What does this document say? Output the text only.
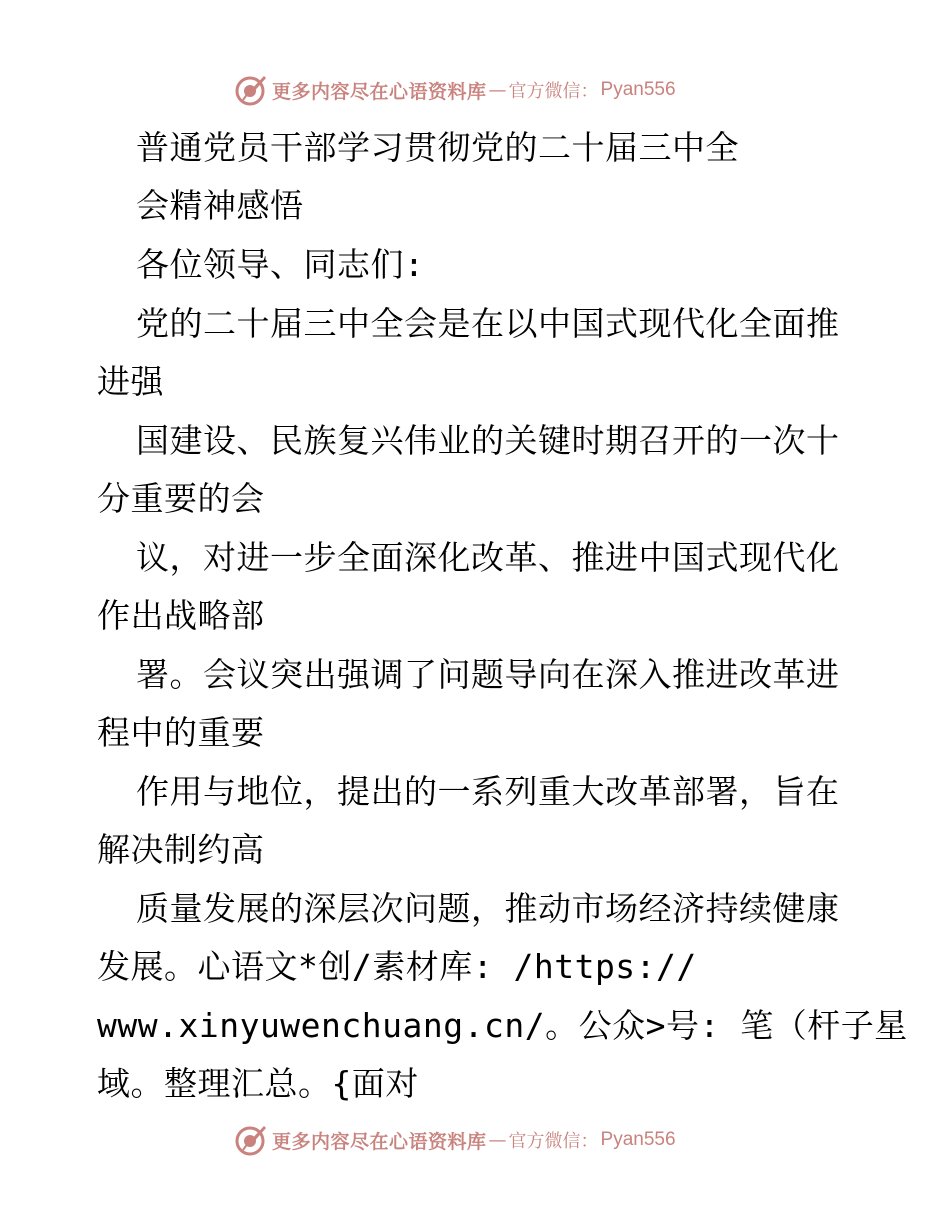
更多内容尽在心语资料库 — 官方微信： Pyan556
普通党员干部学习贯彻党的二十届三中全
会精神感悟
各位领导、同志们:
党的二十届三中全会是在以中国式现代化全面推
进强
国建设、民族复兴伟业的关键时期召开的一次十
分重要的会
议，对进一步全面深化改革、推进中国式现代化
作出战略部
署。会议突出强调了问题导向在深入推进改革进
程中的重要
作用与地位，提出的一系列重大改革部署，旨在
解决制约高
质量发展的深层次问题，推动市场经济持续健康
发展。心语文*创/素材库: /https://
www.xinyuwenchuang.cn/。公众>号: 笔（杆子星
域。整理汇总。{面对
更多内容尽在心语资料库 — 官方微信： Pyan556
